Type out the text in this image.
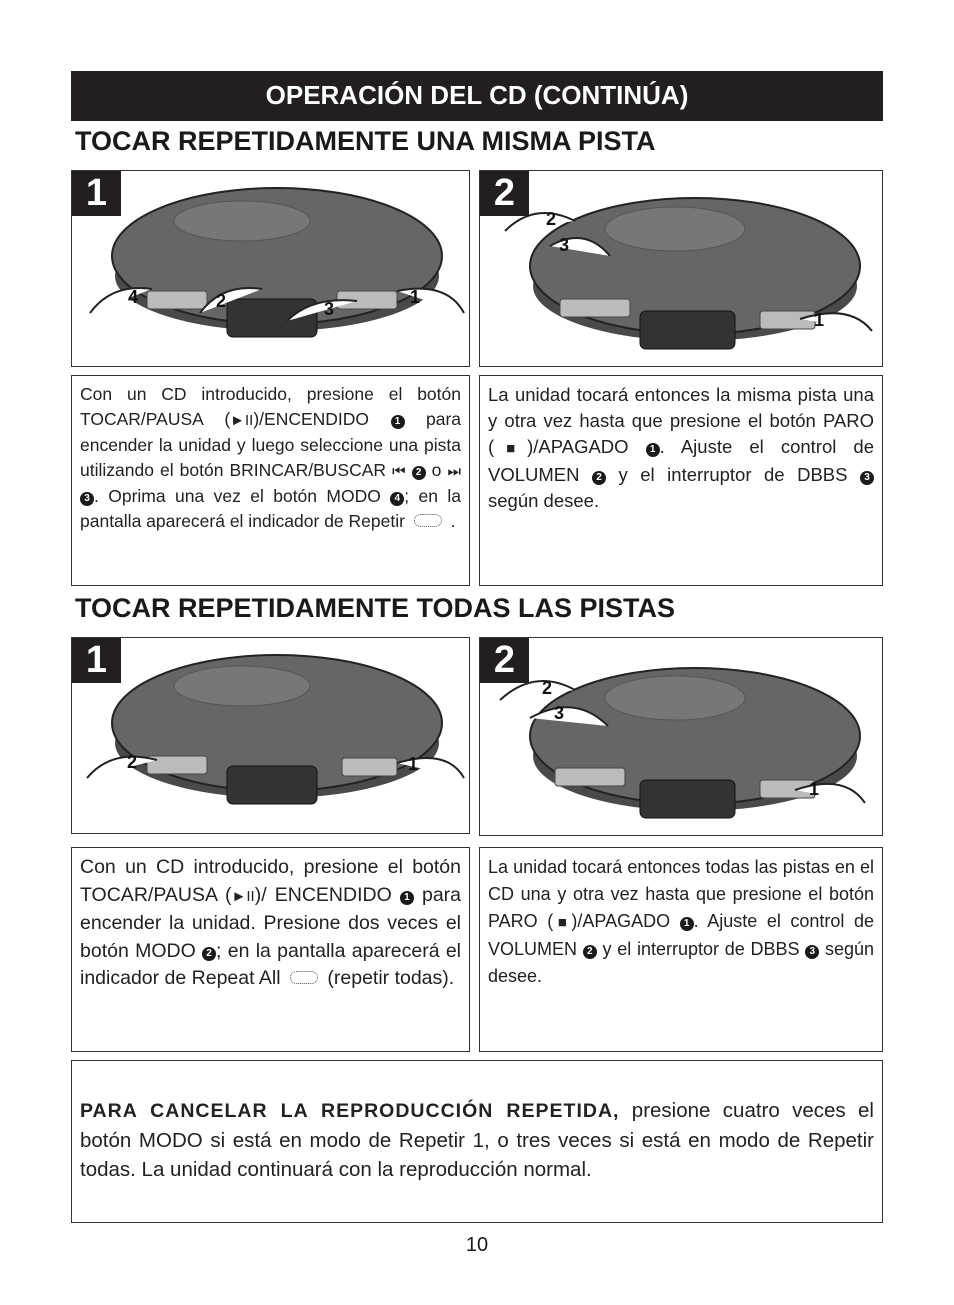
OPERACIÓN DEL CD (CONTINÚA)
TOCAR REPETIDAMENTE UNA MISMA PISTA
4	2	3
1
1
2
3
1
2
Con un CD introducido, presione el botón TOCAR/PAUSA (►II)/ENCENDIDO 1 para encender la unidad y luego seleccione una pista utilizando el botón BRINCAR/BUSCAR ⏮ 2 o ⏭ 3 . Oprima una vez el botón MODO 4 ; en la pantalla aparecerá el indicador de Repetir  .
La unidad tocará entonces la misma pista una y otra vez hasta que presione el botón PARO (■)/APAGADO 1 . Ajuste el control de VOLUMEN 2 y el interruptor de DBBS 3 según desee.
TOCAR REPETIDAMENTE TODAS LAS PISTAS
2	1
1
2
3
1
2
Con un CD introducido, presione el botón TOCAR/PAUSA (►II)/ ENCENDIDO 1 para encender la unidad. Presione dos veces el botón MODO 2 ; en la pantalla aparecerá el indicador de Repeat All  (repetir todas).
La unidad tocará entonces todas las pistas en el CD una y otra vez hasta que presione el botón PARO (■)/APAGADO 1 . Ajuste el control de VOLUMEN 2 y el interruptor de DBBS 3 según desee.
PARA CANCELAR LA REPRODUCCIÓN REPETIDA, presione cuatro veces el botón MODO si está en modo de Repetir 1, o tres veces si está en modo de Repetir todas. La unidad continuará con la reproducción normal.
10
